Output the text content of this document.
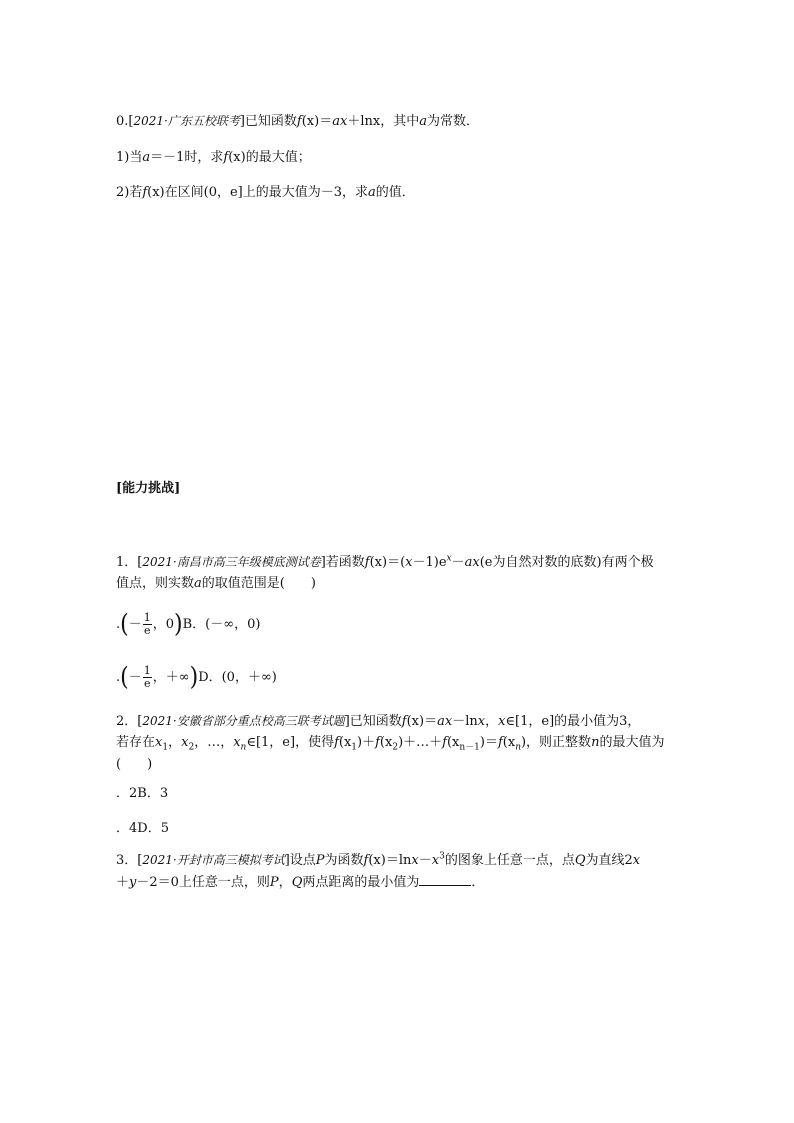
0.[2021·广东五校联考]已知函数f(x)＝ax＋lnx，其中a为常数．
1)当a＝－1时，求f(x)的最大值；
2)若f(x)在区间(0，e]上的最大值为－3，求a的值．
[能力挑战]
1．[2021·南昌市高三年级模底测试卷]若函数$f(x)=(x-1)e^x-ax(e$为自然对数的底数)有两个极
值点，则实数a的取值范围是(　　)
.(－ $\frac{1}{e}$ ，0)B．(－∞，0)
.(－ $\frac{1}{e}$ ，＋∞)D．(0，＋∞)
2．[2021·安徽省部分重点校高三联考试题]已知函数f(x)＝ax－lnx，x∈[1，e]的最小值为3，
若存在$x_1$，$x_2$，…，$x_n\in[1$，e]，使得$f(x_1)+f(x_2)+\dots+f(x_{n-1})=f(x_n)$，则正整数n的最大值为
(　　)
．2B．3
．4D．5
3．[2021·开封市高三模拟考试]设点P为函数$f(x)=\ln x-x^3$的图象上任意一点，点Q为直线2x
＋y－2＝0上任意一点，则P，Q两点距离的最小值为	．
